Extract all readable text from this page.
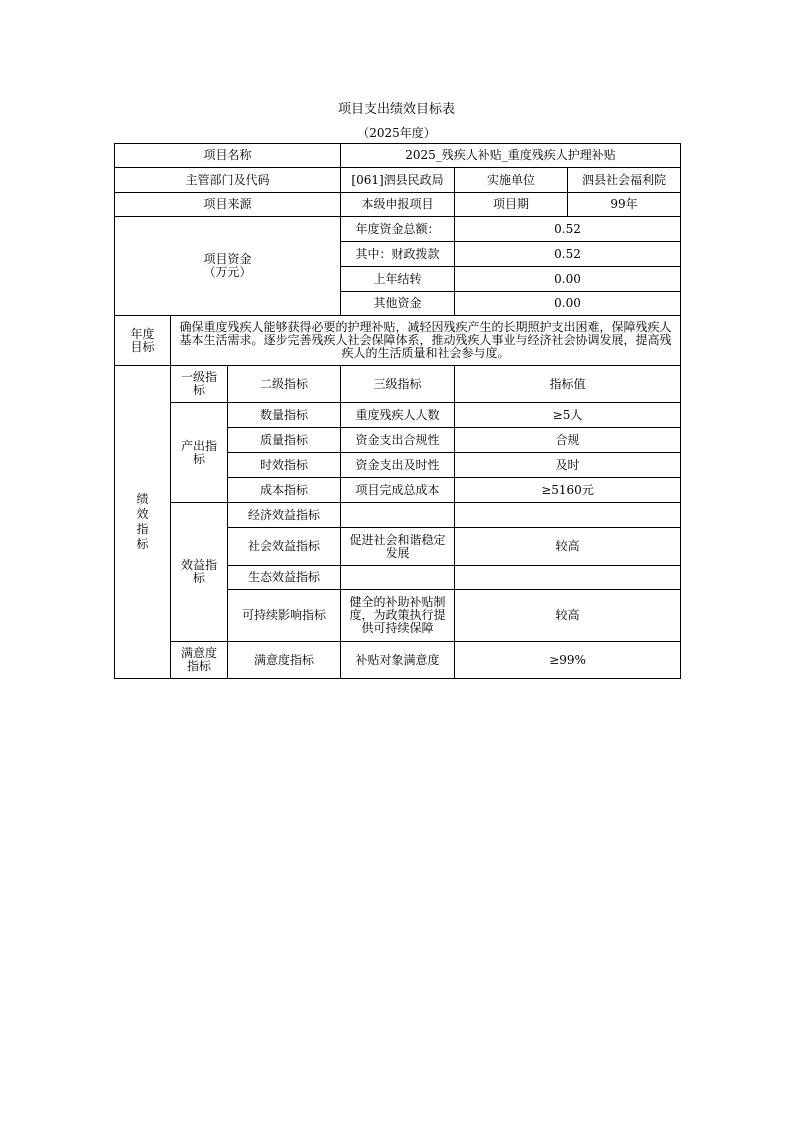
项目支出绩效目标表
（2025年度）
项目名称			2025_残疾人补贴_重度残疾人护理补贴		
主管部门及代码			[061]泗县民政局	实施单位	泗县社会福利院
项目来源			本级申报项目	项目期	99年

项目资金
（万元）			年度资金总额：	0.52	
			其中：财政拨款	0.52	
			上年结转	0.00	
			其他资金	0.00	
年度目标	确保重度残疾人能够获得必要的护理补贴，减轻因残疾产生的长期照护支出困难，保障残疾人基本生活需求。逐步完善残疾人社会保障体系，推动残疾人事业与经济社会协调发展，提高残疾人的生活质量和社会参与度。				
绩效指标	一级指标	二级指标	三级指标	指标值	
	产出指标	数量指标	重度残疾人人数	≥5人	
		质量指标	资金支出合规性	合规	
		时效指标	资金支出及时性	及时	
		成本指标	项目完成总成本	≥5160元	
	效益指标	经济效益指标			
		社会效益指标	促进社会和谐稳定发展	较高	
		生态效益指标			
		可持续影响指标	健全的补助补贴制度，为政策执行提供可持续保障	较高	
	满意度指标	满意度指标	补贴对象满意度	≥99%	
